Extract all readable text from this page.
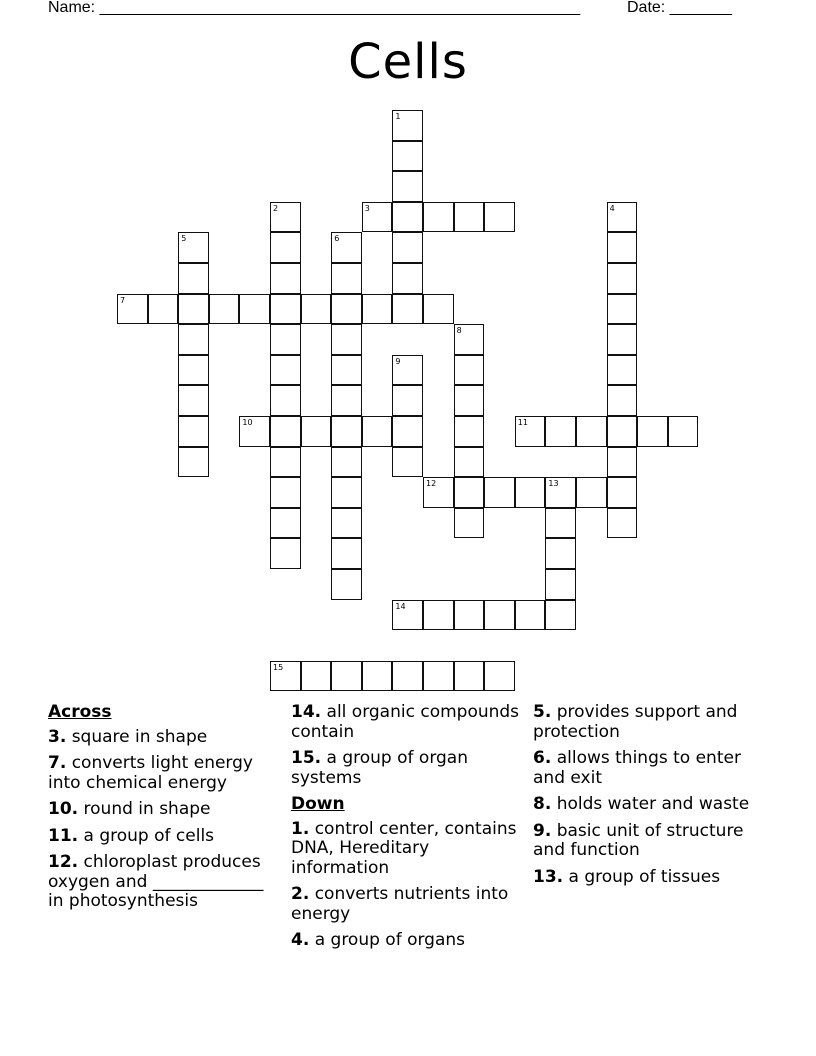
Name: ______________________________________________________	Date: _______
Cells
1
2	3	4
5	6
7
8
9
10	11
12	13
14
15
Across
3. square in shape
7. converts light energy into chemical energy
10. round in shape
11. a group of cells
12. chloroplast produces oxygen and _____________ in photosynthesis
14. all organic compounds contain
15. a group of organ systems
Down
1. control center, contains DNA, Hereditary information
2. converts nutrients into energy
4. a group of organs
5. provides support and protection
6. allows things to enter and exit
8. holds water and waste
9. basic unit of structure and function
13. a group of tissues
